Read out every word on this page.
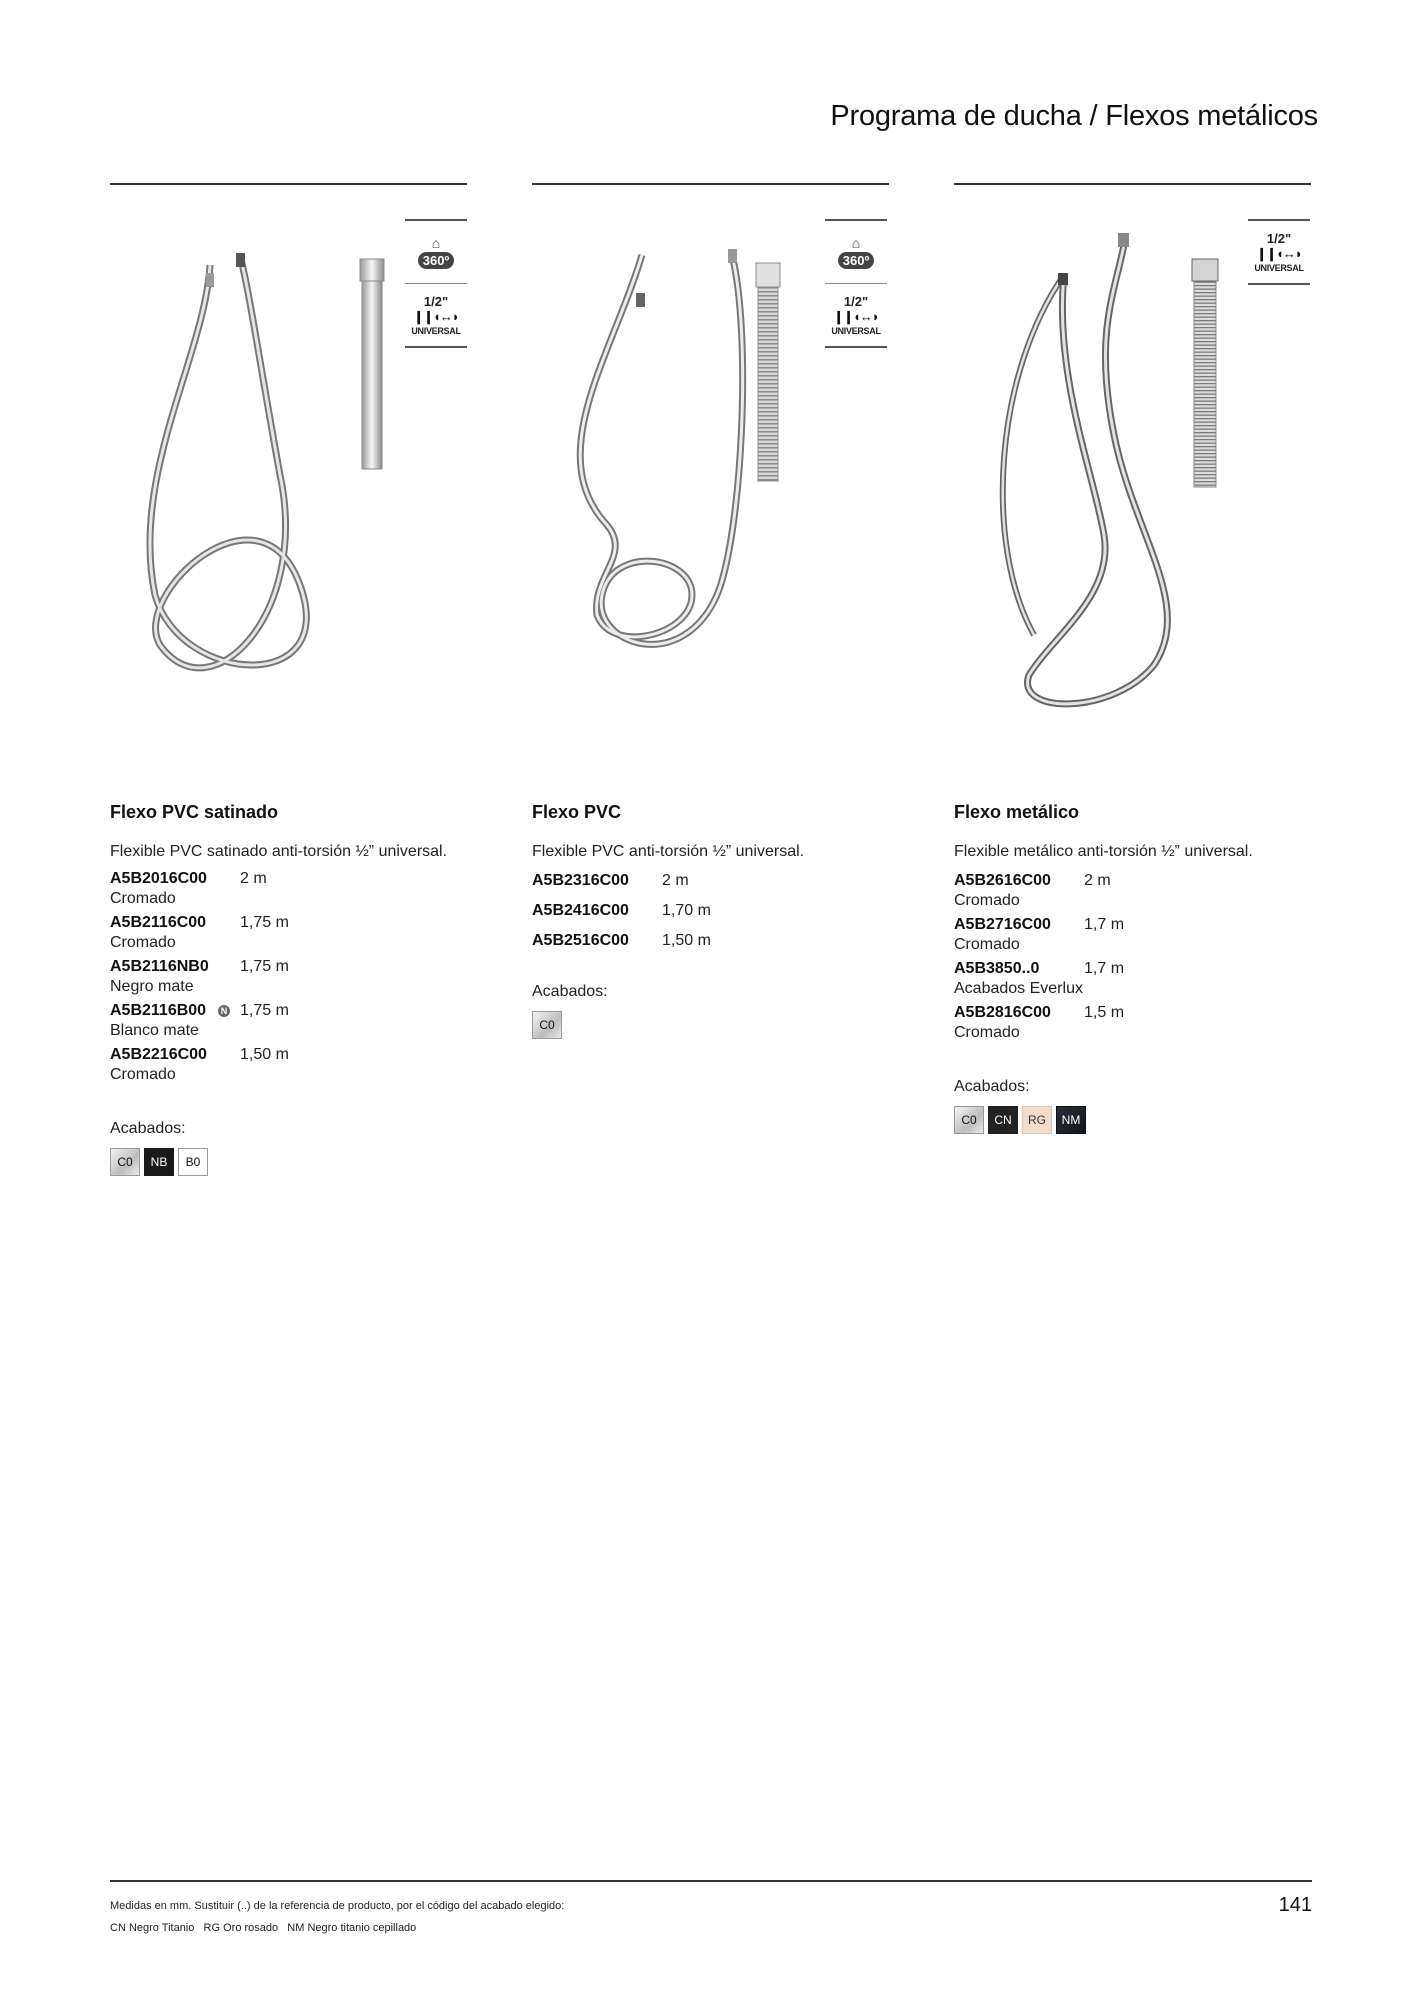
Programa de ducha / Flexos metálicos
⌂
360º
1/2"
❙❙◖↔◗
UNIVERSAL
⌂
360º
1/2"
❙❙◖↔◗
UNIVERSAL
1/2"
❙❙◖↔◗
UNIVERSAL
Flexo PVC satinado

Flexible PVC satinado anti-torsión ½” universal.

A5B2016C00	2 m
Cromado
A5B2116C00	1,75 m
Cromado
A5B2116NB0	1,75 m
Negro mate
A5B2116B00	N 1,75 m
Blanco mate
A5B2216C00	1,50 m
Cromado
Acabados:
C0	NB	B0
Flexo PVC

Flexible PVC anti-torsión ½” universal.

A5B2316C00	2 m
A5B2416C00	1,70 m
A5B2516C00	1,50 m
Acabados:
C0
Flexo metálico

Flexible metálico anti-torsión ½” universal.

A5B2616C00	2 m
Cromado
A5B2716C00	1,7 m
Cromado
A5B3850..0	1,7 m
Acabados Everlux
A5B2816C00	1,5 m
Cromado
Acabados:
C0	CN	RG	NM
Medidas en mm. Sustituir (..) de la referencia de producto, por el código del acabado elegido:
CN Negro Titanio   RG Oro rosado   NM Negro titanio cepillado
141
